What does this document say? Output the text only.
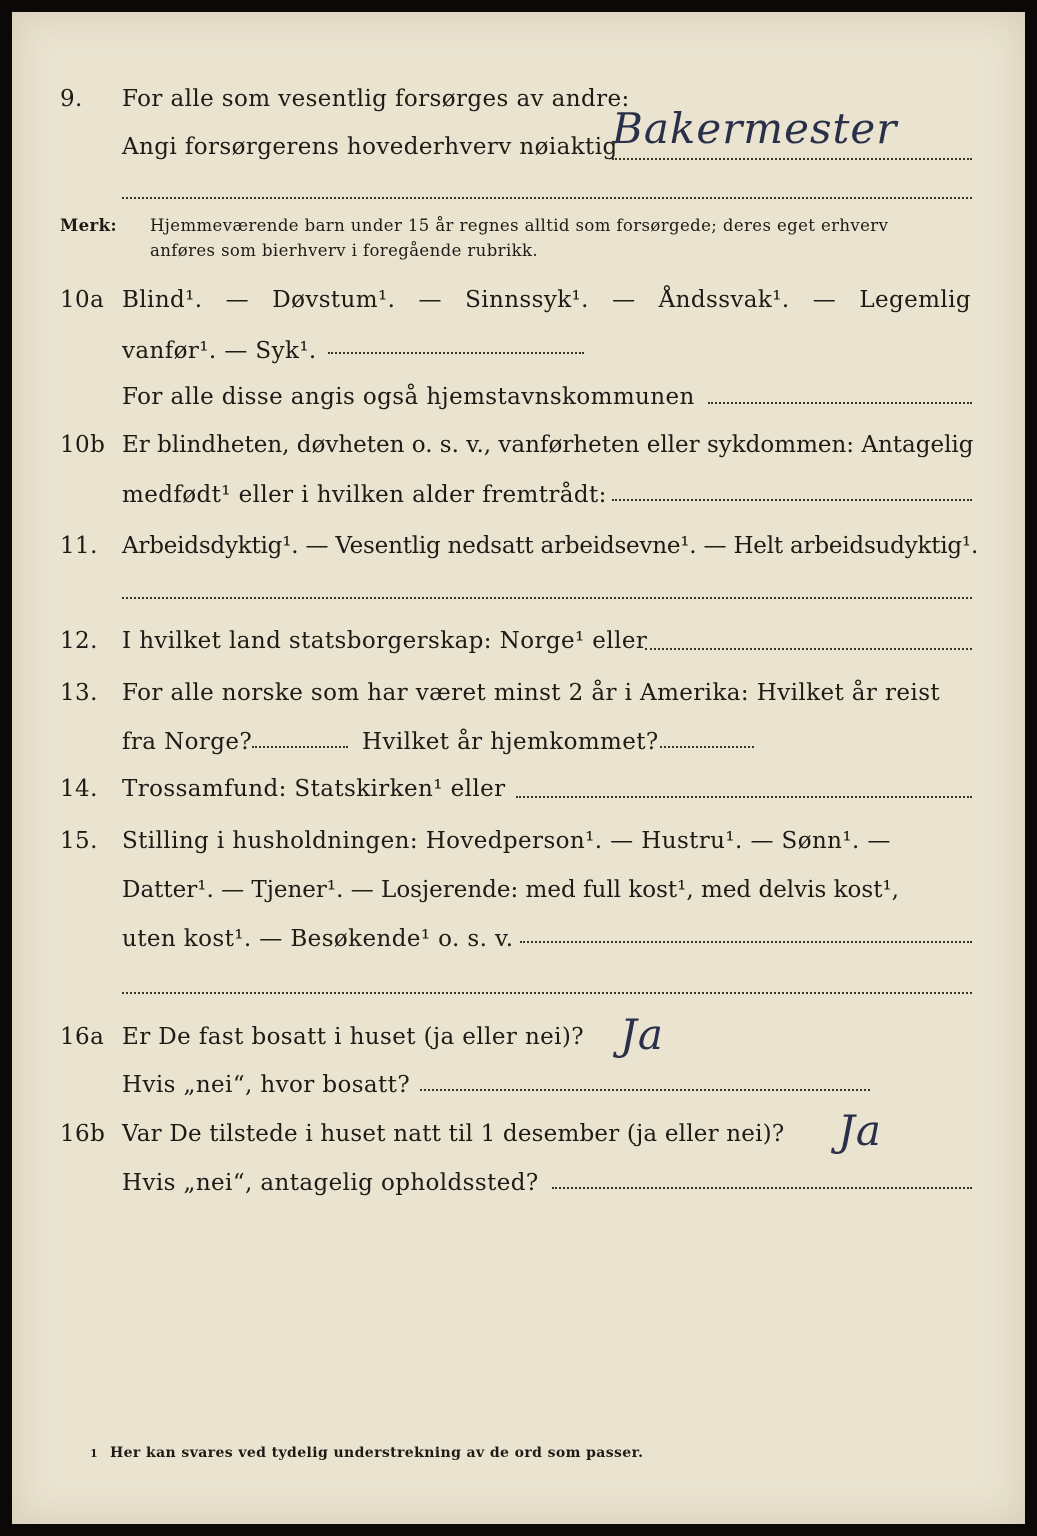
9. For alle som vesentlig forsørges av andre:
Angi forsørgerens hovederhverv nøiaktig
Bakermester
Merk: Hjemmeværende barn under 15 år regnes alltid som forsørgede; deres eget erhverv
anføres som bierhverv i foregående rubrikk.
10a Blind¹. — Døvstum¹. — Sinnssyk¹. — Åndssvak¹. — Legemlig
vanfør¹. — Syk¹.
For alle disse angis også hjemstavnskommunen
10b Er blindheten, døvheten o. s. v., vanførheten eller sykdommen: Antagelig
medfødt¹ eller i hvilken alder fremtrådt:
11. Arbeidsdyktig¹. — Vesentlig nedsatt arbeidsevne¹. — Helt arbeidsudyktig¹.
12. I hvilket land statsborgerskap: Norge¹ eller
13. For alle norske som har været minst 2 år i Amerika: Hvilket år reist
fra Norge?	Hvilket år hjemkommet?
14. Trossamfund: Statskirken¹ eller
15. Stilling i husholdningen: Hovedperson¹. — Hustru¹. — Sønn¹. —
Datter¹. — Tjener¹. — Losjerende: med full kost¹, med delvis kost¹,
uten kost¹. — Besøkende¹ o. s. v.
16a Er De fast bosatt i huset (ja eller nei)? Ja
Hvis „nei“, hvor bosatt?
16b Var De tilstede i huset natt til 1 desember (ja eller nei)? Ja
Hvis „nei“, antagelig opholdssted?
1 Her kan svares ved tydelig understrekning av de ord som passer.
